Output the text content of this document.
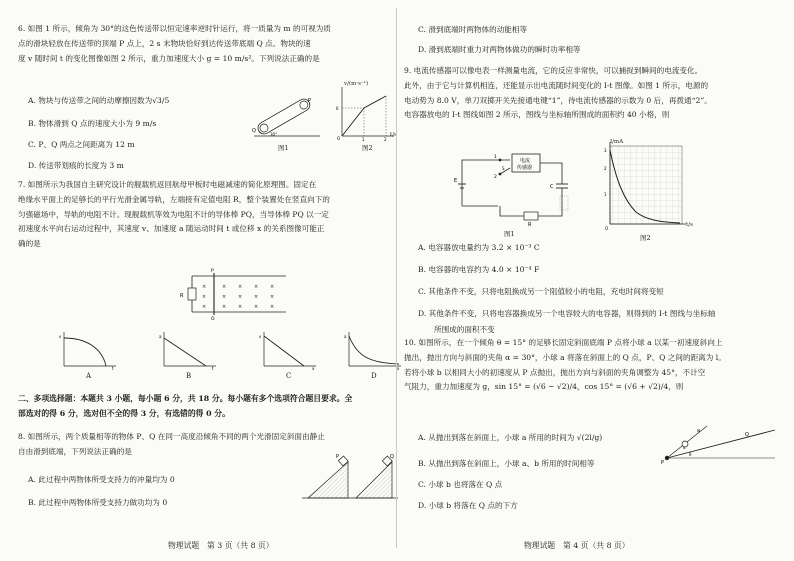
6. 如图 1 所示，倾角为 30°的这色传送带以恒定速率逆时针运行，将一质量为 m 的可视为质
点的滑块轻放在传送带的顶端 P 点上，2 s 末物块恰好到达传送带底端 Q 点。物块的速
度 v 随时间 t 的变化图像如图 2 所示，重力加速度大小 g = 10 m/s²。下列说法正确的是
A. 物块与传送带之间的动摩擦因数为√3/5
B. 物体滑到 Q 点的速度大小为 9 m/s
C. P、Q 两点之间距离为 12 m
D. 传送带划痕的长度为 3 m
Q
P
30°
图1
O	1	2
6
v/(m·s⁻¹)
t/s
图2
7. 如图所示为我国自主研究设计的舰载机返回航母甲板时电磁减速的简化原理图。固定在
绝缘水平面上的足够长的平行光滑金属导轨，左端接有定值电阻 R，整个装置处在竖直向下的
匀强磁场中，导轨的电阻不计。现舰载机等效为电阻不计的导体棒 PQ，当导体棒 PQ 以一定
初速度水平向右运动过程中，其速度 v、加速度 a 随运动时间 t 或位移 x 的关系图像可能正
确的是
R
P
Q
×	× × × ×
×	× × × ×
×	× × × ×
v
t
a
t
v
x
a
x
A	B	C	D
二、多项选择题：本题共 3 小题，每小题 6 分，共 18 分。每小题有多个选项符合题目要求。全
部选对的得 6 分，选对但不全的得 3 分，有选错的得 0 分。
8. 如图所示，两个质量相等的物体 P、Q 在同一高度沿倾角不同的两个光滑固定斜面由静止
自由滑到底端，下列说法正确的是
A. 此过程中两物体所受支持力的冲量均为 0
B. 此过程中两物体所受支持力做功均为 0
P	Q
物理试题　第 3 页（共 8 页）
C. 滑到底端时两物体的动能相等
D. 滑到底端时重力对两物体做功的瞬时功率相等
9. 电流传感器可以像电表一样测量电流，它的反应非常快，可以捕捉到瞬间的电流变化。
此外，由于它与计算机相连，还能显示出电流随时间变化的 I-t 图像。如图 1 所示，电源的
电动势为 8.0 V，单刀双掷开关先接通电键“1”，待电流传感器的示数为 0 后，再拨通“2”。
电容器放电的 I-t 图线如图 2 所示，图线与坐标轴所围成的面积约 40 小格，则
E
1
2
S
电流
传感器
C
R
图1
O
3
2
1
I/mA
t/s
图2
A. 电容器放电量约为 3.2 × 10⁻³ C
B. 电容器的电容约为 4.0 × 10⁻⁴ F
C. 其他条件不变，只将电阻换成另一个阻值较小的电阻，充电时间将变短
D. 其他条件不变，只将电容器换成另一个电容较大的电容器，则得到的 I-t 图线与坐标轴
所围成的面积不变
10. 如图所示，在一个倾角 θ = 15° 的足够长固定斜面底端 P 点将小球 a 以某一初速度斜向上
抛出，抛出方向与斜面的夹角 α = 30°，小球 a 将落在斜面上的 Q 点，P、Q 之间的距离为 l。
若将小球 b 以相同大小的初速度从 P 点抛出，抛出方向与斜面的夹角调整为 45°，不计空
气阻力，重力加速度为 g，sin 15° = (√6 − √2)/4，cos 15° = (√6 + √2)/4，则
A. 从抛出到落在斜面上，小球 a 所用的时间为 √(2l/g)
B. 从抛出到落在斜面上，小球 a、b 所用的时间相等
C. 小球 b 也将落在 Q 点
D. 小球 b 将落在 Q 点的下方
P
Q
a
θ
α
物理试题　第 4 页（共 8 页）
